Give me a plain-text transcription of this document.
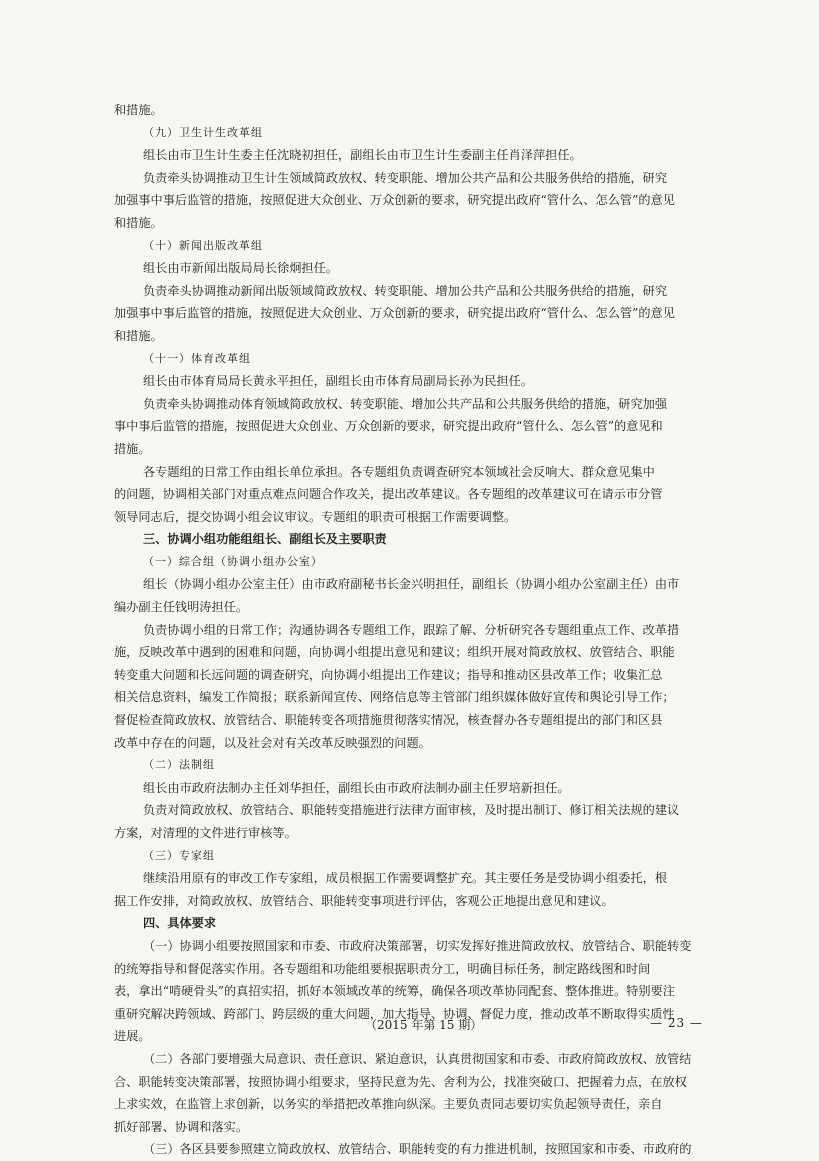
和措施。
（九）卫生计生改革组
组长由市卫生计生委主任沈晓初担任，副组长由市卫生计生委副主任肖泽萍担任。
负责牵头协调推动卫生计生领域简政放权、转变职能、增加公共产品和公共服务供给的措施，研究
加强事中事后监管的措施，按照促进大众创业、万众创新的要求，研究提出政府“管什么、怎么管”的意见
和措施。
（十）新闻出版改革组
组长由市新闻出版局局长徐炯担任。
负责牵头协调推动新闻出版领域简政放权、转变职能、增加公共产品和公共服务供给的措施，研究
加强事中事后监管的措施，按照促进大众创业、万众创新的要求，研究提出政府“管什么、怎么管”的意见
和措施。
（十一）体育改革组
组长由市体育局局长黄永平担任，副组长由市体育局副局长孙为民担任。
负责牵头协调推动体育领域简政放权、转变职能、增加公共产品和公共服务供给的措施，研究加强
事中事后监管的措施，按照促进大众创业、万众创新的要求，研究提出政府“管什么、怎么管”的意见和
措施。
各专题组的日常工作由组长单位承担。各专题组负责调查研究本领域社会反响大、群众意见集中
的问题，协调相关部门对重点难点问题合作攻关，提出改革建议。各专题组的改革建议可在请示市分管
领导同志后，提交协调小组会议审议。专题组的职责可根据工作需要调整。
三、协调小组功能组组长、副组长及主要职责
（一）综合组（协调小组办公室）
组长（协调小组办公室主任）由市政府副秘书长金兴明担任，副组长（协调小组办公室副主任）由市
编办副主任钱明涛担任。
负责协调小组的日常工作；沟通协调各专题组工作，跟踪了解、分析研究各专题组重点工作、改革措
施，反映改革中遇到的困难和问题，向协调小组提出意见和建议；组织开展对简政放权、放管结合、职能
转变重大问题和长远问题的调查研究，向协调小组提出工作建议；指导和推动区县改革工作；收集汇总
相关信息资料，编发工作简报；联系新闻宣传、网络信息等主管部门组织媒体做好宣传和舆论引导工作；
督促检查简政放权、放管结合、职能转变各项措施贯彻落实情况，核查督办各专题组提出的部门和区县
改革中存在的问题，以及社会对有关改革反映强烈的问题。
（二）法制组
组长由市政府法制办主任刘华担任，副组长由市政府法制办副主任罗培新担任。
负责对简政放权、放管结合、职能转变措施进行法律方面审核，及时提出制订、修订相关法规的建议
方案，对清理的文件进行审核等。
（三）专家组
继续沿用原有的审改工作专家组，成员根据工作需要调整扩充。其主要任务是受协调小组委托，根
据工作安排，对简政放权、放管结合、职能转变事项进行评估，客观公正地提出意见和建议。
四、具体要求
（一）协调小组要按照国家和市委、市政府决策部署，切实发挥好推进简政放权、放管结合、职能转变
的统筹指导和督促落实作用。各专题组和功能组要根据职责分工，明确目标任务，制定路线图和时间
表，拿出“啃硬骨头”的真招实招，抓好本领域改革的统筹，确保各项改革协同配套、整体推进。特别要注
重研究解决跨领域、跨部门、跨层级的重大问题，加大指导、协调、督促力度，推动改革不断取得实质性
进展。
（二）各部门要增强大局意识、责任意识、紧迫意识，认真贯彻国家和市委、市政府简政放权、放管结
合、职能转变决策部署，按照协调小组要求，坚持民意为先、舍利为公，找准突破口、把握着力点，在放权
上求实效，在监管上求创新，以务实的举措把改革推向纵深。主要负责同志要切实负起领导责任，亲自
抓好部署、协调和落实。
（三）各区县要参照建立简政放权、放管结合、职能转变的有力推进机制，按照国家和市委、市政府的
（2015 年第 15 期）	— 23 —
